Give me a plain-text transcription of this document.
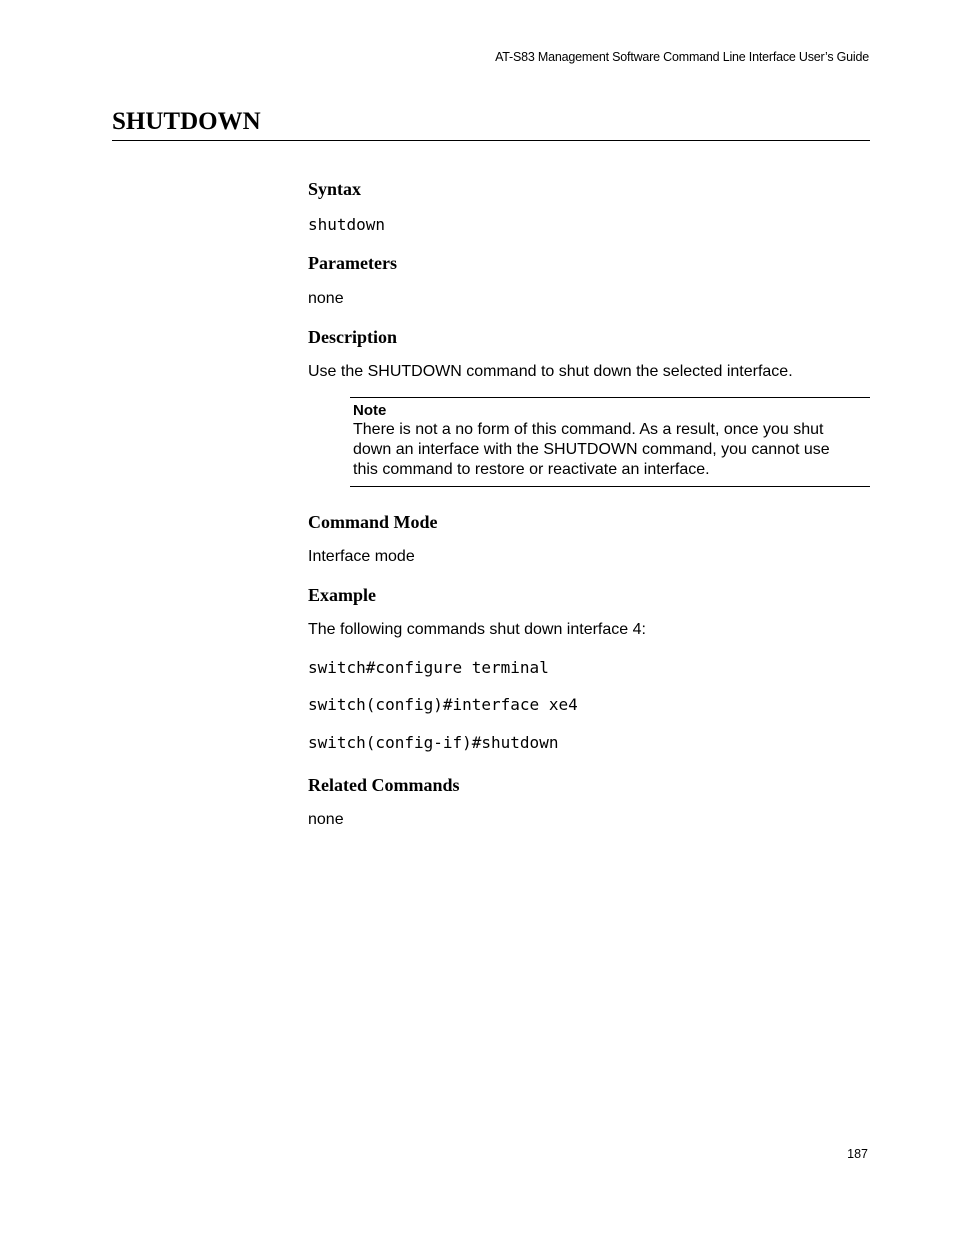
AT-S83 Management Software Command Line Interface User’s Guide
SHUTDOWN

Syntax

shutdown

Parameters

none

Description

Use the SHUTDOWN command to shut down the selected interface.

Note

There is not a no form of this command. As a result, once you shut

down an interface with the SHUTDOWN command, you cannot use

this command to restore or reactivate an interface.

Command Mode

Interface mode

Example

The following commands shut down interface 4:

switch#configure terminal

switch(config)#interface xe4

switch(config-if)#shutdown

Related Commands

none

187
